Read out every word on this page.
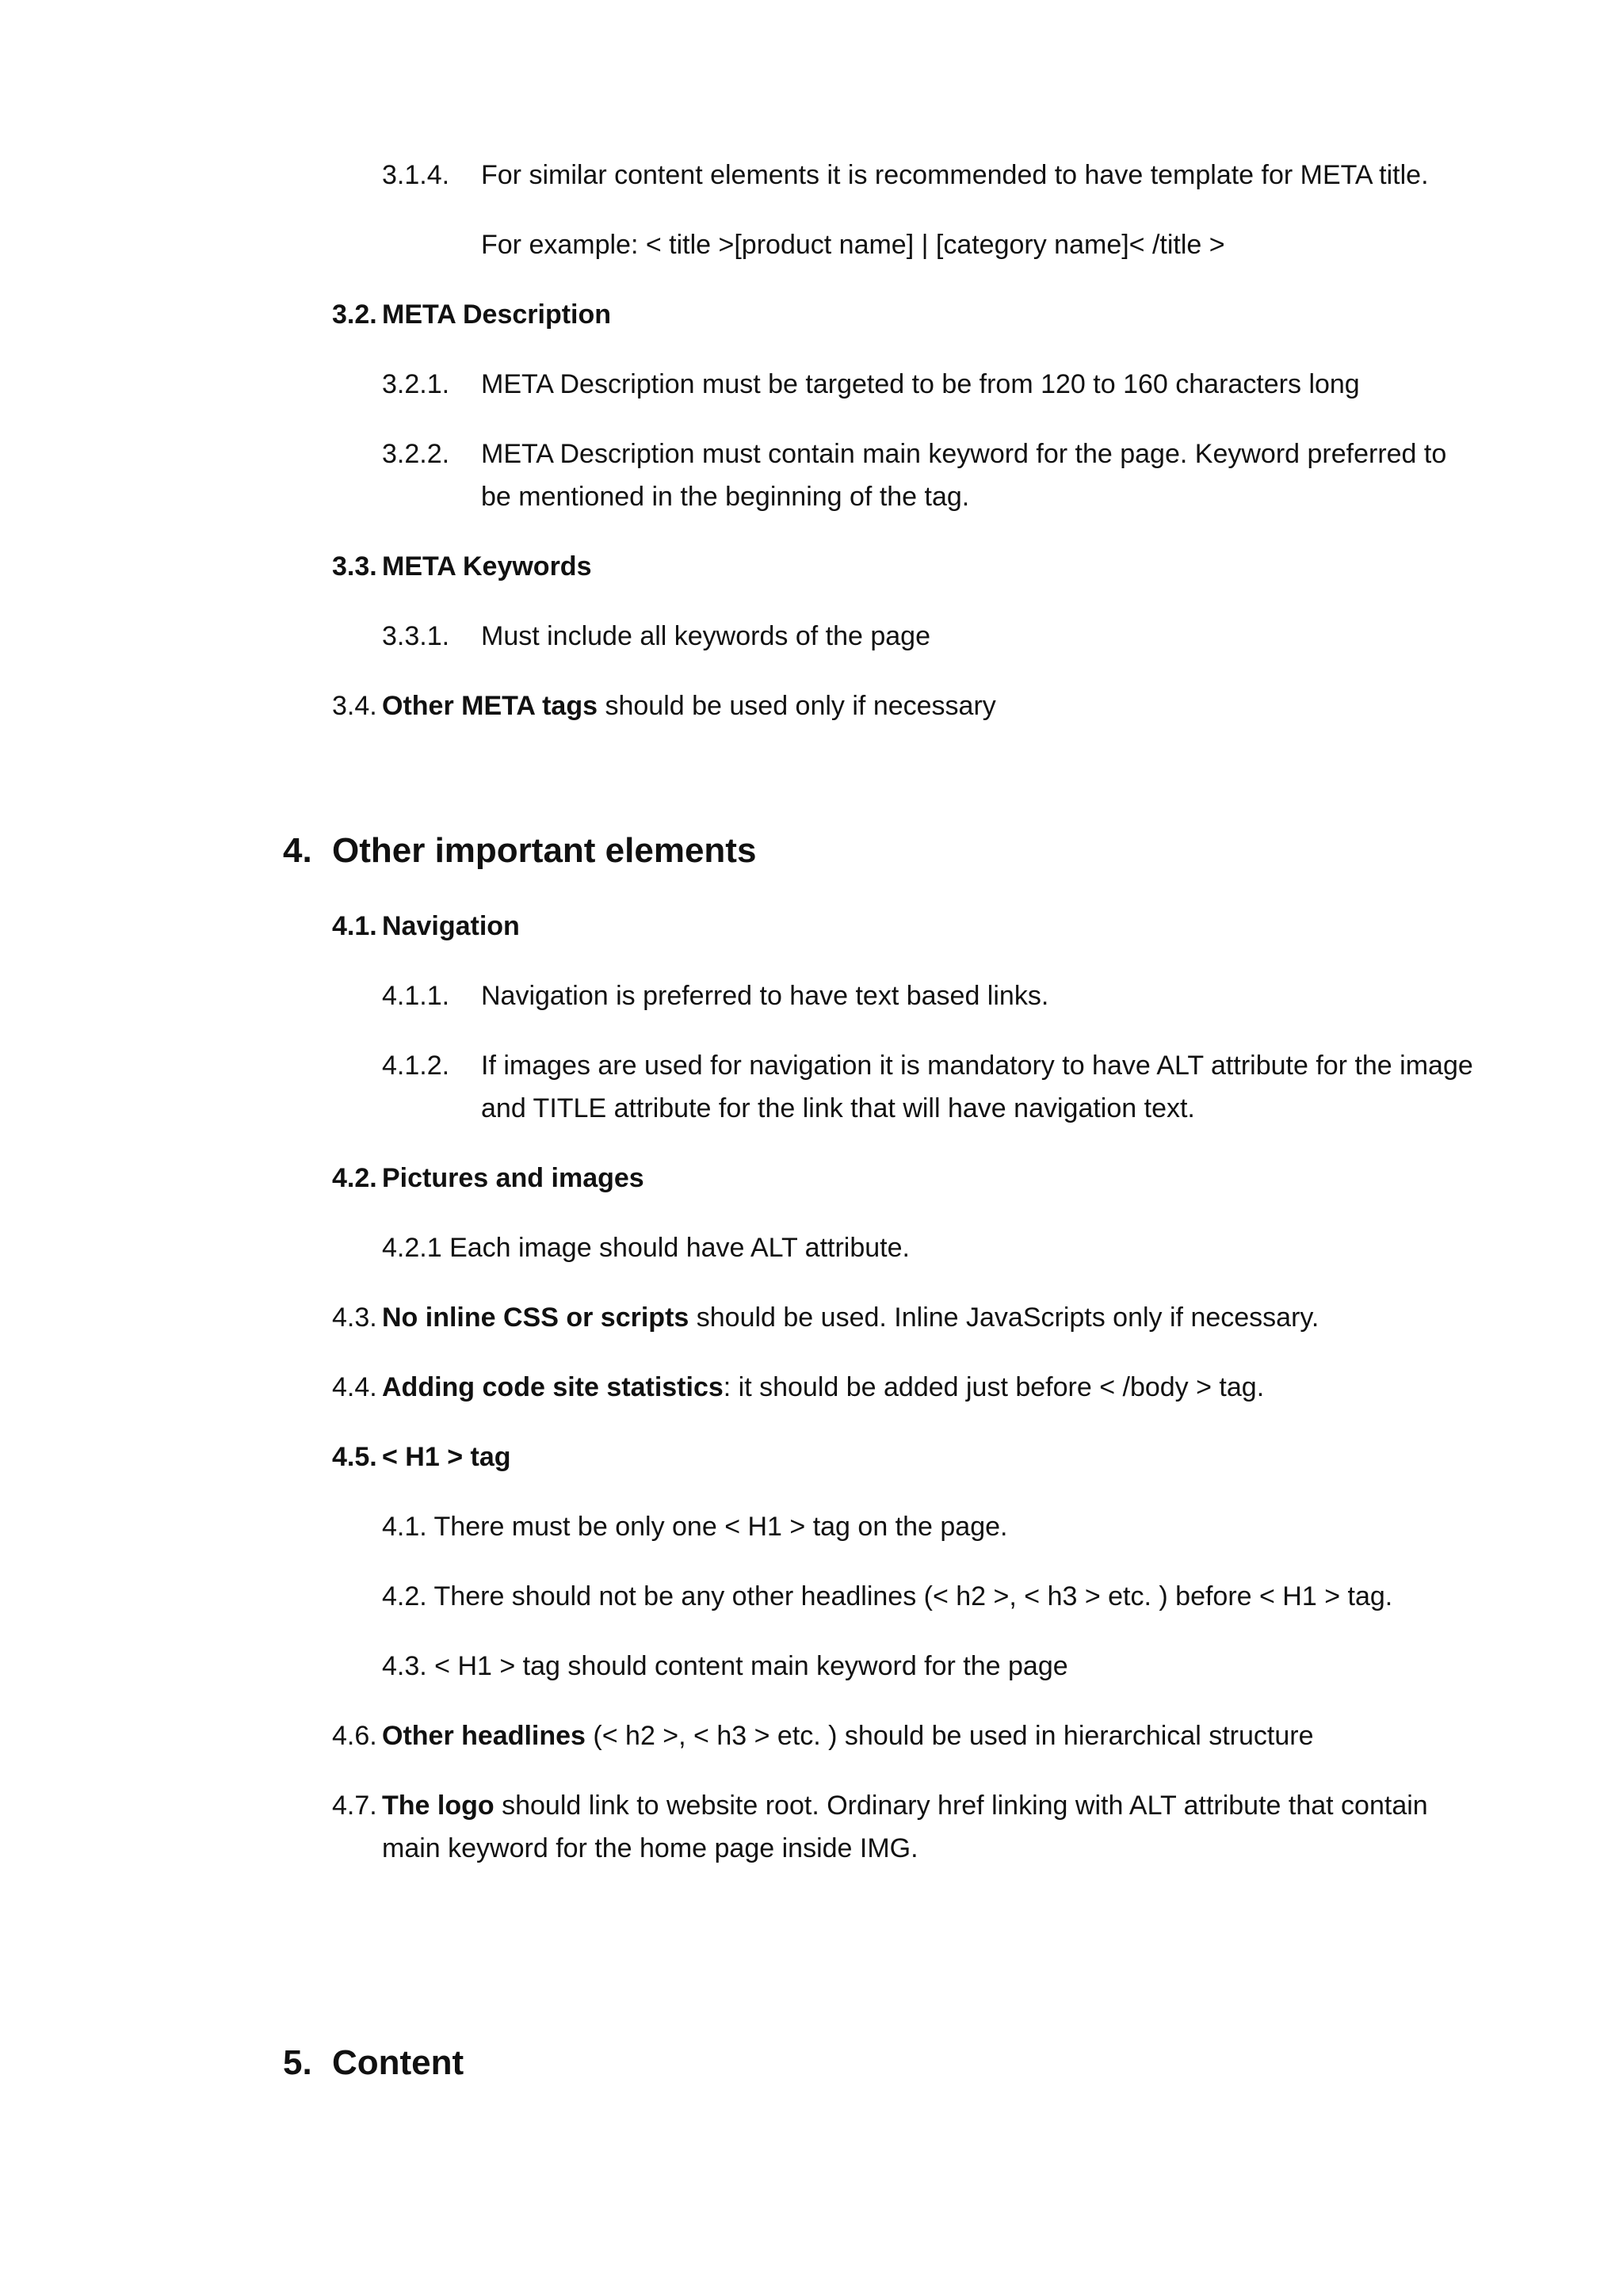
3.1.4. For similar content elements it is recommended to have template for META title.
For example: < title >[product name] | [category name]< /title >
3.2. META Description
3.2.1. META Description must be targeted to be from 120 to 160 characters long
3.2.2. META Description must contain main keyword for the page. Keyword preferred to
be mentioned in the beginning of the tag.
3.3. META Keywords
3.3.1. Must include all keywords of the page
3.4. Other META tags should be used only if necessary
4. Other important elements
4.1. Navigation
4.1.1. Navigation is preferred to have text based links.
4.1.2. If images are used for navigation it is mandatory to have ALT attribute for the image
and TITLE attribute for the link that will have navigation text.
4.2. Pictures and images
4.2.1 Each image should have ALT attribute.
4.3. No inline CSS or scripts should be used. Inline JavaScripts only if necessary.
4.4. Adding code site statistics: it should be added just before < /body > tag.
4.5. < H1 > tag
4.1. There must be only one < H1 > tag on the page.
4.2. There should not be any other headlines (< h2 >, < h3 > etc. ) before < H1 > tag.
4.3. < H1 > tag should content main keyword for the page
4.6. Other headlines (< h2 >, < h3 > etc. ) should be used in hierarchical structure
4.7. The logo should link to website root. Ordinary href linking with ALT attribute that contain
main keyword for the home page inside IMG.
5. Content
